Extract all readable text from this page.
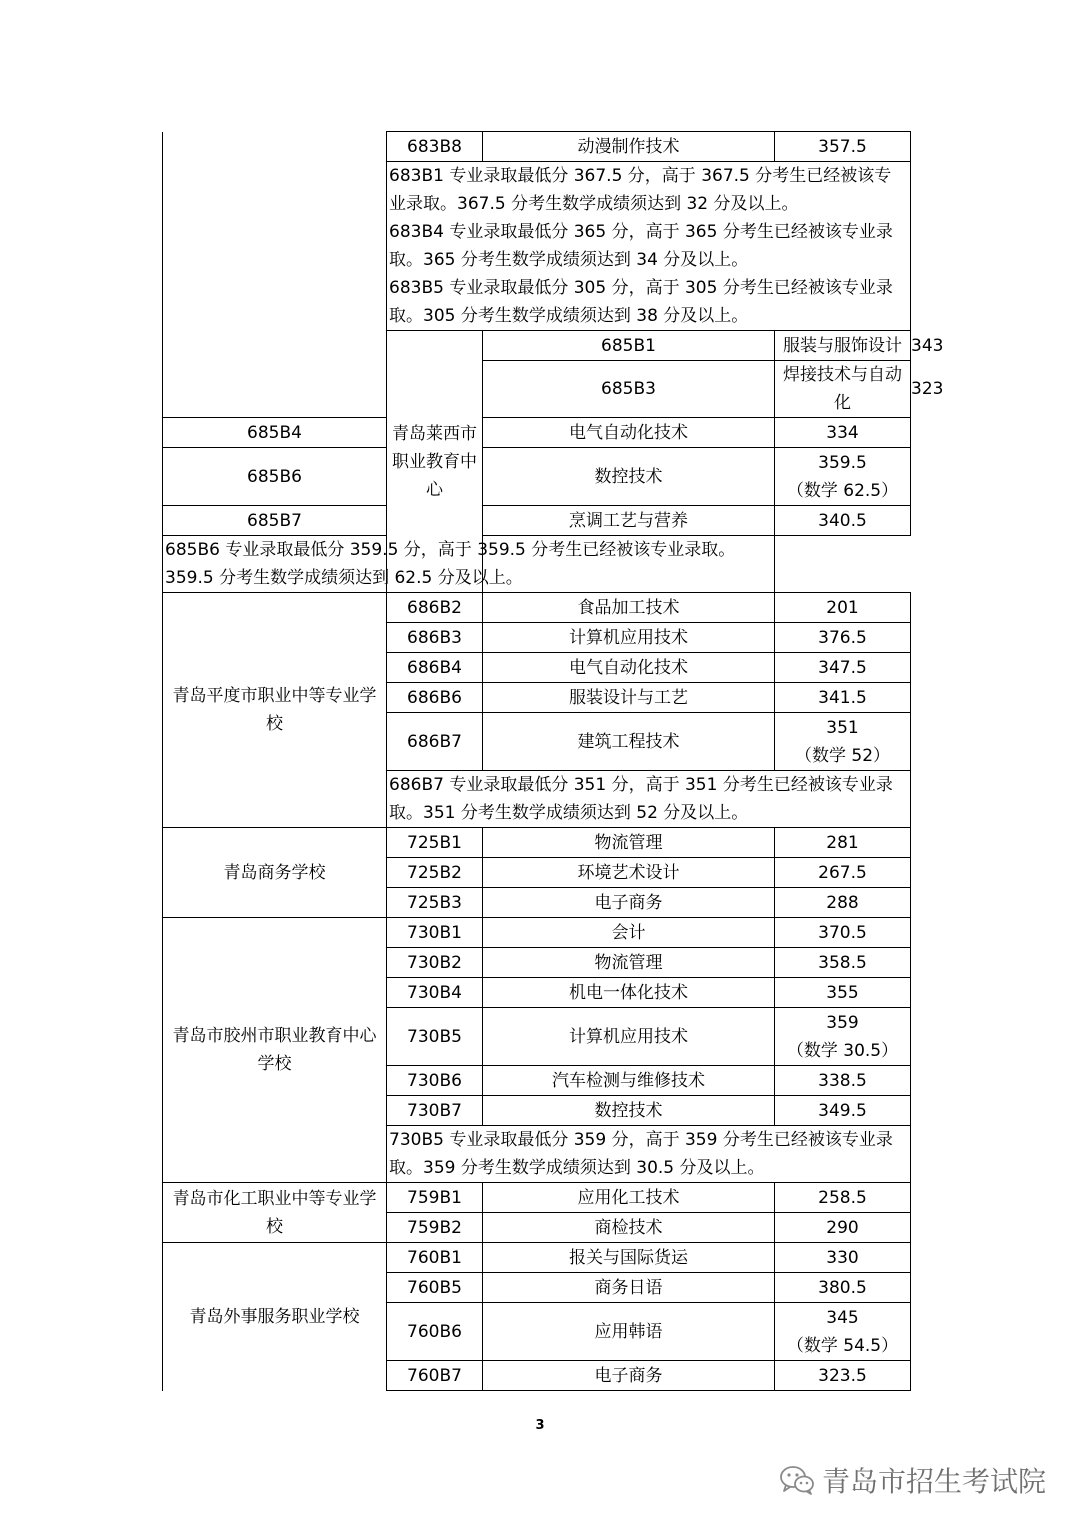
	683B8	动漫制作技术	357.5	

	683B1 专业录取最低分 367.5 分，高于 367.5 分考生已经被该专业录取。367.5 分考生数学成绩须达到 32 分及以上。
683B4 专业录取最低分 365 分，高于 365 分考生已经被该专业录取。365 分考生数学成绩须达到 34 分及以上。
683B5 专业录取最低分 305 分，高于 305 分考生已经被该专业录取。305 分考生数学成绩须达到 38 分及以上。			

	青岛莱西市职业教育中心	685B1	服装与服饰设计	343

		685B3	焊接技术与自动化	323

685B4		电气自动化技术	334	

685B6		数控技术	359.5
（数学 62.5）	

685B7		烹调工艺与营养	340.5	

685B6 专业录取最低分 359.5 分，高于 359.5 分考生已经被该专业录取。359.5 分考生数学成绩须达到 62.5 分及以上。				

青岛平度市职业中等专业学校	686B2	食品加工技术	201	

	686B3	计算机应用技术	376.5	

	686B4	电气自动化技术	347.5	

	686B6	服装设计与工艺	341.5	

	686B7	建筑工程技术	351
（数学 52）	

	686B7 专业录取最低分 351 分，高于 351 分考生已经被该专业录取。351 分考生数学成绩须达到 52 分及以上。			

青岛商务学校	725B1	物流管理	281	

	725B2	环境艺术设计	267.5	

	725B3	电子商务	288	

青岛市胶州市职业教育中心学校	730B1	会计	370.5	

	730B2	物流管理	358.5	

	730B4	机电一体化技术	355	

	730B5	计算机应用技术	359
（数学 30.5）	

	730B6	汽车检测与维修技术	338.5	

	730B7	数控技术	349.5	

	730B5 专业录取最低分 359 分，高于 359 分考生已经被该专业录取。359 分考生数学成绩须达到 30.5 分及以上。			

青岛市化工职业中等专业学校	759B1	应用化工技术	258.5	

	759B2	商检技术	290	

青岛外事服务职业学校	760B1	报关与国际货运	330	

	760B5	商务日语	380.5	

	760B6	应用韩语	345
（数学 54.5）	

	760B7	电子商务	323.5	
3
青岛市招生考试院
